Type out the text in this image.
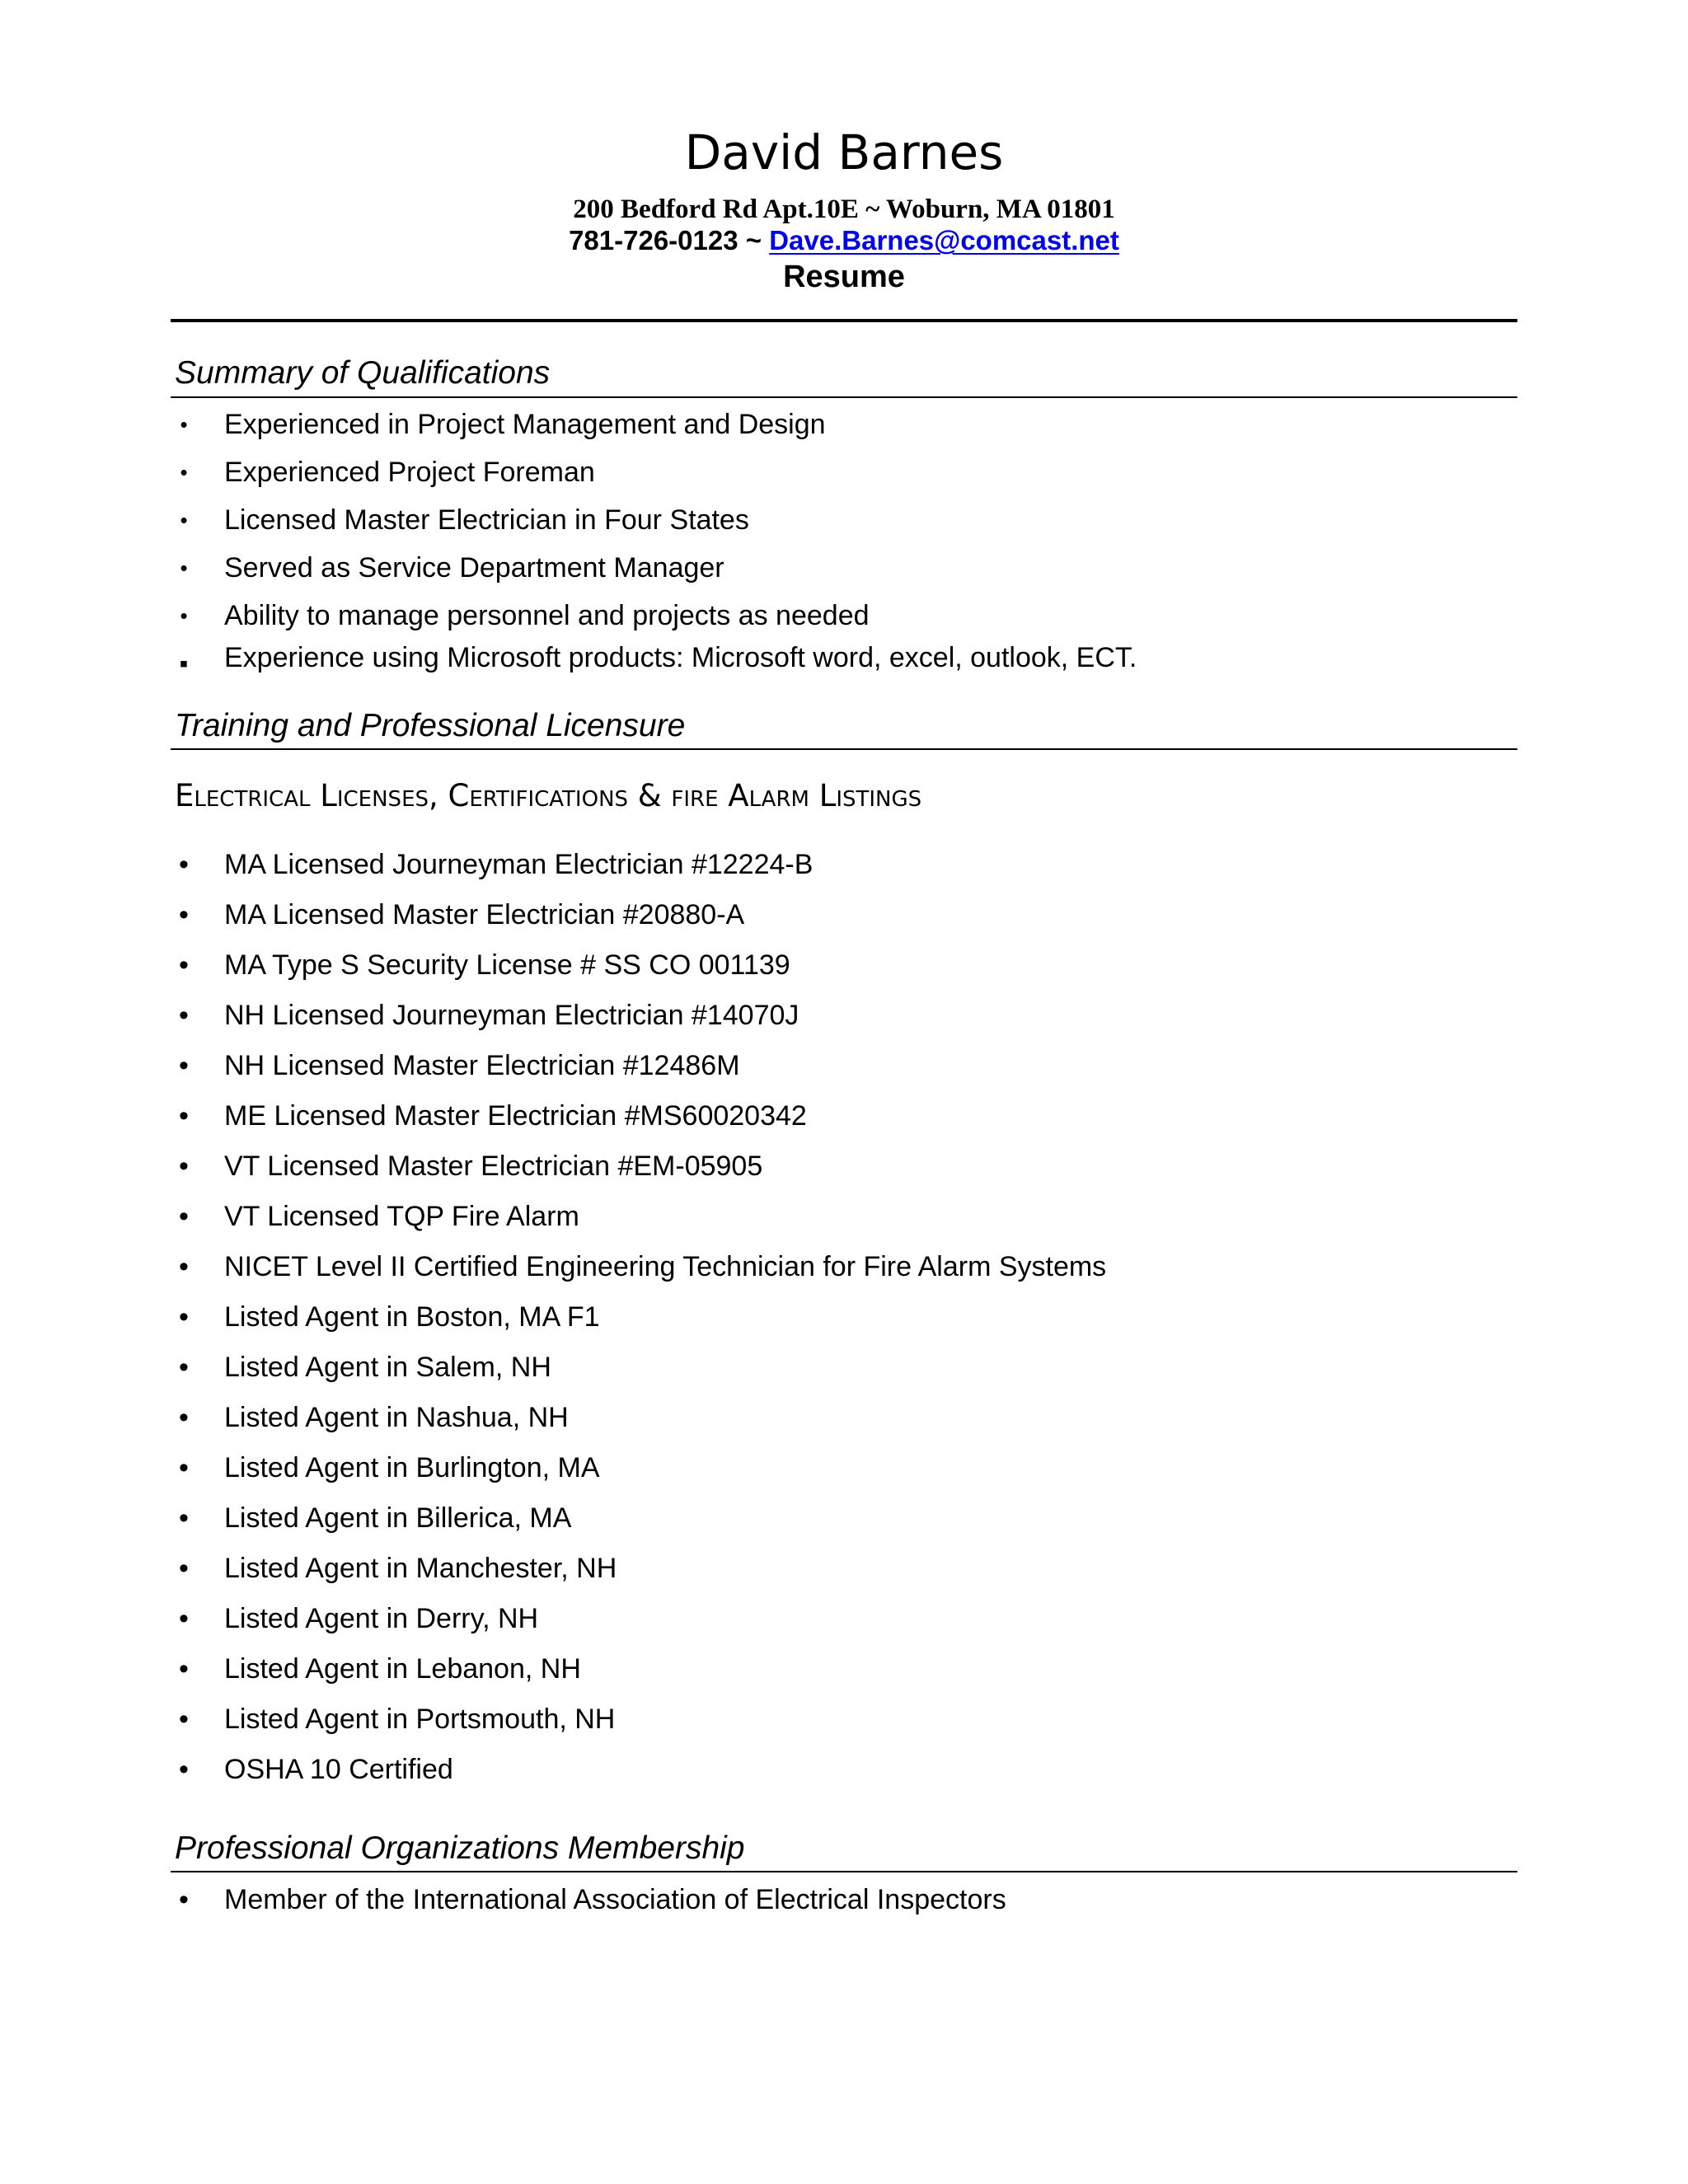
David Barnes
200 Bedford Rd Apt.10E ~ Woburn, MA 01801
781-726-0123 ~ Dave.Barnes@comcast.net
Resume
Summary of Qualifications
•	Experienced in Project Management and Design
•	Experienced Project Foreman
•	Licensed Master Electrician in Four States
•	Served as Service Department Manager
•	Ability to manage personnel and projects as needed
▪ Experience using Microsoft products: Microsoft word, excel, outlook, ECT.
Training and Professional Licensure
Electrical Licenses, Certifications & fire Alarm Listings
• MA Licensed Journeyman Electrician #12224-B
• MA Licensed Master Electrician #20880-A
• MA Type S Security License # SS CO 001139
• NH Licensed Journeyman Electrician #14070J
• NH Licensed Master Electrician #12486M
• ME Licensed Master Electrician #MS60020342
• VT Licensed Master Electrician #EM-05905
• VT Licensed TQP Fire Alarm
• NICET Level II Certified Engineering Technician for Fire Alarm Systems
• Listed Agent in Boston, MA F1
• Listed Agent in Salem, NH
• Listed Agent in Nashua, NH
• Listed Agent in Burlington, MA
• Listed Agent in Billerica, MA
• Listed Agent in Manchester, NH
• Listed Agent in Derry, NH
• Listed Agent in Lebanon, NH
• Listed Agent in Portsmouth, NH
• OSHA 10 Certified
Professional Organizations Membership
• Member of the International Association of Electrical Inspectors
